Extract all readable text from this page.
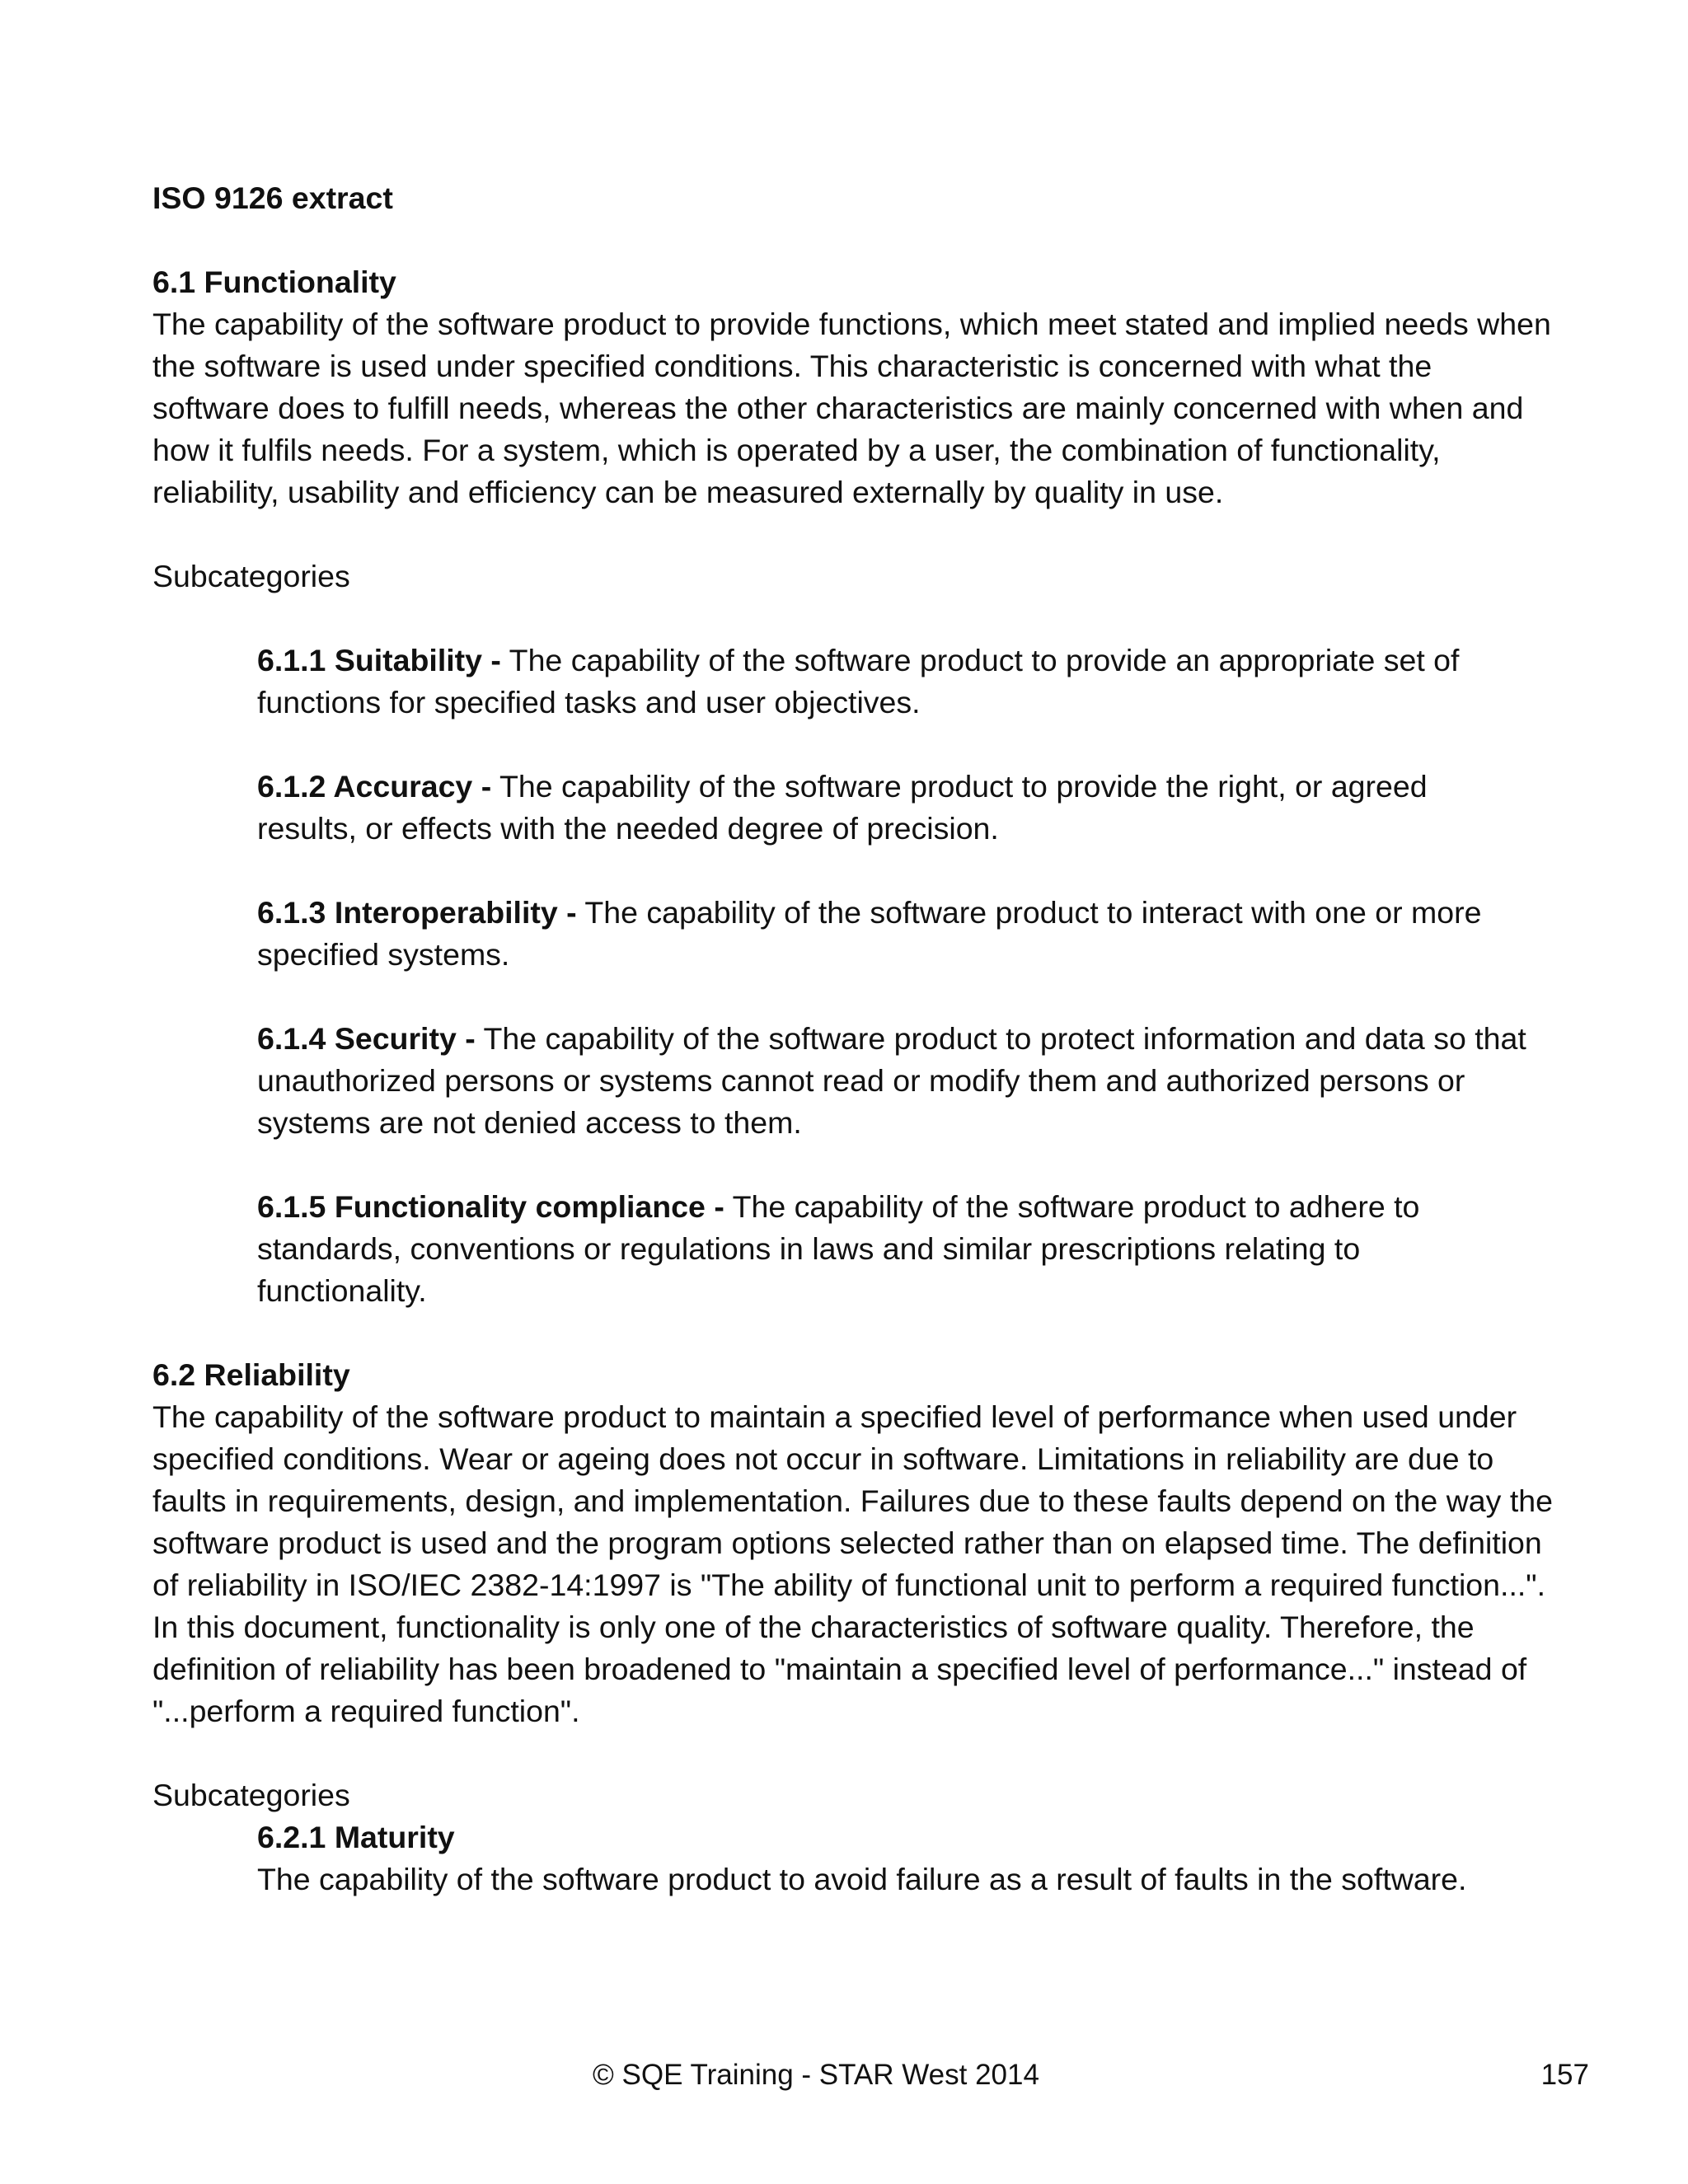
ISO 9126 extract
6.1 Functionality
The capability of the software product to provide functions, which meet stated and implied needs when the software is used under specified conditions. This characteristic is concerned with what the software does to fulfill needs, whereas the other characteristics are mainly concerned with when and how it fulfils needs. For a system, which is operated by a user, the combination of functionality, reliability, usability and efficiency can be measured externally by quality in use.
Subcategories
6.1.1 Suitability - The capability of the software product to provide an appropriate set of functions for specified tasks and user objectives.
6.1.2 Accuracy - The capability of the software product to provide the right, or agreed results, or effects with the needed degree of precision.
6.1.3 Interoperability - The capability of the software product to interact with one or more specified systems.
6.1.4 Security - The capability of the software product to protect information and data so that unauthorized persons or systems cannot read or modify them and authorized persons or systems are not denied access to them.
6.1.5 Functionality compliance - The capability of the software product to adhere to standards, conventions or regulations in laws and similar prescriptions relating to functionality.
6.2 Reliability
The capability of the software product to maintain a specified level of performance when used under specified conditions. Wear or ageing does not occur in software. Limitations in reliability are due to faults in requirements, design, and implementation. Failures due to these faults depend on the way the software product is used and the program options selected rather than on elapsed time. The definition of reliability in ISO/IEC 2382-14:1997 is "The ability of functional unit to perform a required function...". In this document, functionality is only one of the characteristics of software quality. Therefore, the definition of reliability has been broadened to "maintain a specified level of performance..." instead of "...perform a required function".
Subcategories
6.2.1 Maturity
The capability of the software product to avoid failure as a result of faults in the software.
© SQE Training - STAR West 2014	157
